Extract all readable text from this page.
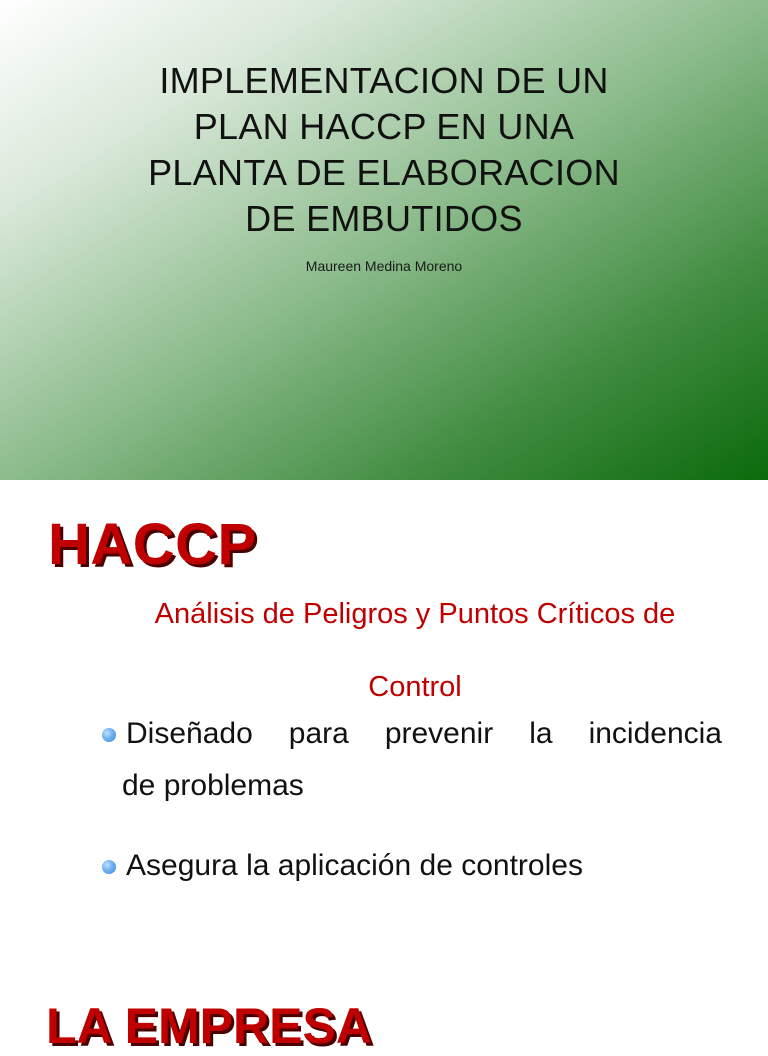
IMPLEMENTACION DE UN
PLAN HACCP EN UNA
PLANTA DE ELABORACION
DE EMBUTIDOS
Maureen Medina Moreno
HACCP
Análisis de Peligros y Puntos Críticos de
Control
Diseñado para prevenir la incidencia
de problemas
Asegura la aplicación de controles
LA EMPRESA
